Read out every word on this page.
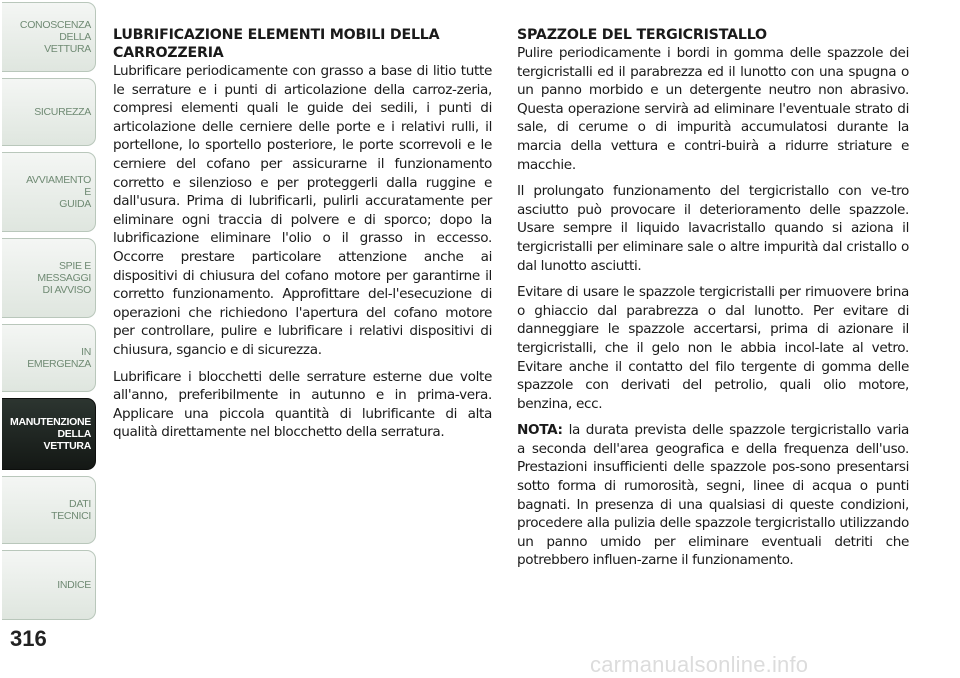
CONOSCENZA
DELLA
VETTURA
SICUREZZA
AVVIAMENTO
E
GUIDA
SPIE E
MESSAGGI
DI AVVISO
IN
EMERGENZA
MANUTENZIONE
DELLA
VETTURA
DATI
TECNICI
INDICE
316
LUBRIFICAZIONE ELEMENTI MOBILI DELLA CARROZZERIA

Lubrificare periodicamente con grasso a base di litio tutte le serrature e i punti di articolazione della carroz-zeria, compresi elementi quali le guide dei sedili, i punti di articolazione delle cerniere delle porte e i relativi rulli, il portellone, lo sportello posteriore, le porte scorrevoli e le cerniere del cofano per assicurarne il funzionamento corretto e silenzioso e per proteggerli dalla ruggine e dall'usura. Prima di lubrificarli, pulirli accuratamente per eliminare ogni traccia di polvere e di sporco; dopo la lubrificazione eliminare l'olio o il grasso in eccesso. Occorre prestare particolare attenzione anche ai dispositivi di chiusura del cofano motore per garantirne il corretto funzionamento. Approfittare del-l'esecuzione di operazioni che richiedono l'apertura del cofano motore per controllare, pulire e lubrificare i relativi dispositivi di chiusura, sgancio e di sicurezza.

Lubrificare i blocchetti delle serrature esterne due volte all'anno, preferibilmente in autunno e in prima-vera. Applicare una piccola quantità di lubrificante di alta qualità direttamente nel blocchetto della serratura.

SPAZZOLE DEL TERGICRISTALLO

Pulire periodicamente i bordi in gomma delle spazzole dei tergicristalli ed il parabrezza ed il lunotto con una spugna o un panno morbido e un detergente neutro non abrasivo. Questa operazione servirà ad eliminare l'eventuale strato di sale, di cerume o di impurità accumulatosi durante la marcia della vettura e contri-buirà a ridurre striature e macchie.

Il prolungato funzionamento del tergicristallo con ve-tro asciutto può provocare il deterioramento delle spazzole. Usare sempre il liquido lavacristallo quando si aziona il tergicristalli per eliminare sale o altre impurità dal cristallo o dal lunotto asciutti.

Evitare di usare le spazzole tergicristalli per rimuovere brina o ghiaccio dal parabrezza o dal lunotto. Per evitare di danneggiare le spazzole accertarsi, prima di azionare il tergicristalli, che il gelo non le abbia incol-late al vetro. Evitare anche il contatto del filo tergente di gomma delle spazzole con derivati del petrolio, quali olio motore, benzina, ecc.

NOTA: la durata prevista delle spazzole tergicristallo varia a seconda dell'area geografica e della frequenza dell'uso. Prestazioni insufficienti delle spazzole pos-sono presentarsi sotto forma di rumorosità, segni, linee di acqua o punti bagnati. In presenza di una qualsiasi di queste condizioni, procedere alla pulizia delle spazzole tergicristallo utilizzando un panno umido per eliminare eventuali detriti che potrebbero influen-zarne il funzionamento.

carmanualsonline.info
